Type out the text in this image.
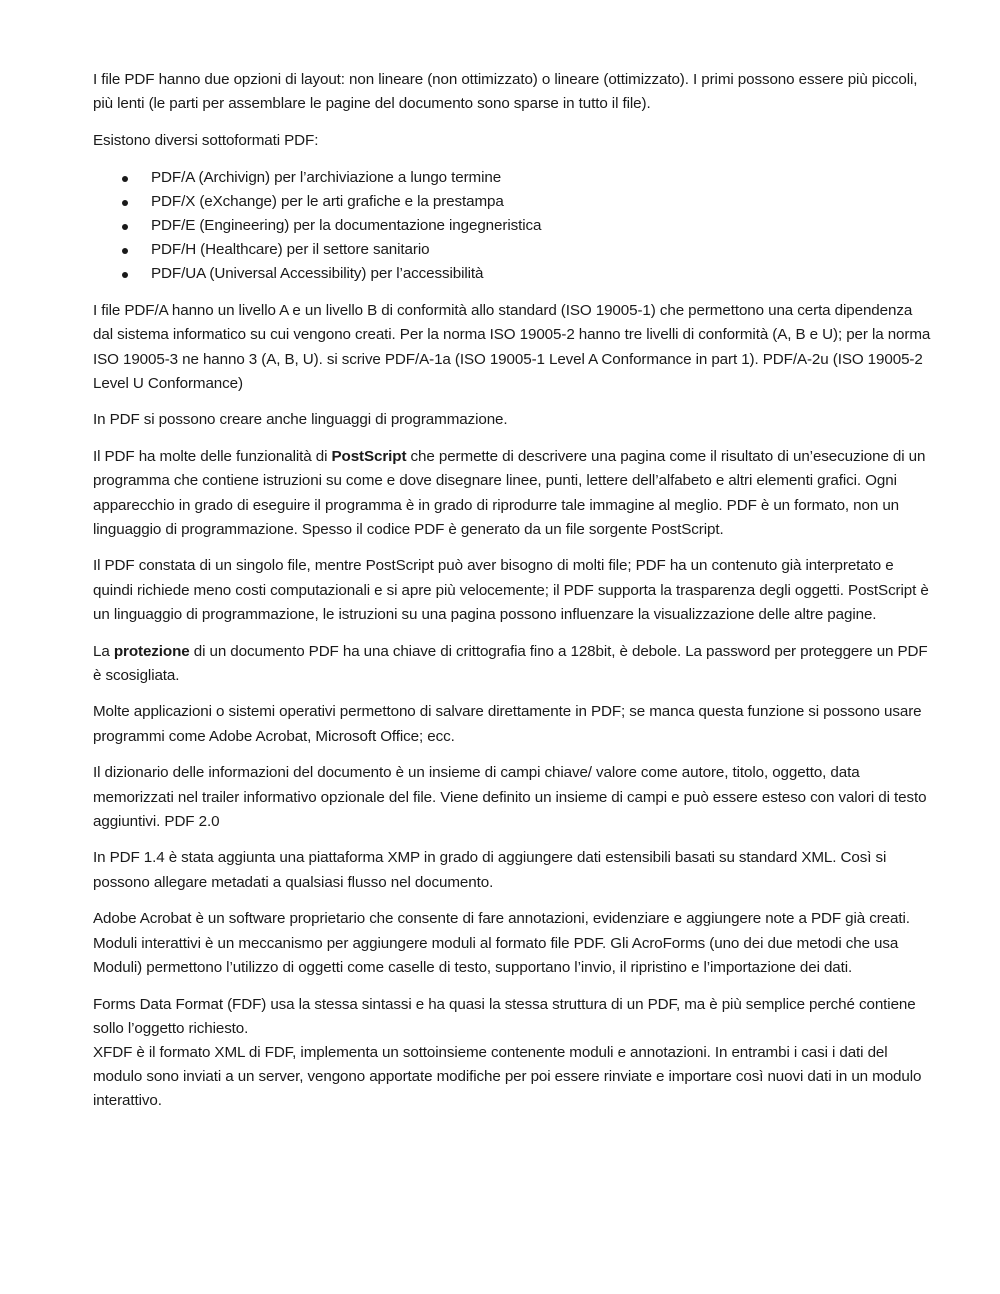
I file PDF hanno due opzioni di layout: non lineare (non ottimizzato) o lineare (ottimizzato). I primi possono essere più piccoli, più lenti (le parti per assemblare le pagine del documento sono sparse in tutto il file).

Esistono diversi sottoformati PDF:

PDF/A (Archivign) per l’archiviazione a lungo termine
PDF/X (eXchange) per le arti grafiche e la prestampa
PDF/E (Engineering) per la documentazione ingegneristica
PDF/H (Healthcare) per il settore sanitario
PDF/UA (Universal Accessibility) per l’accessibilità

I file PDF/A hanno un livello A e un livello B di conformità allo standard (ISO 19005-1) che permettono una certa dipendenza dal sistema informatico su cui vengono creati. Per la norma ISO 19005-2 hanno tre livelli di conformità (A, B e U); per la norma ISO 19005-3 ne hanno 3 (A, B, U). si scrive PDF/A-1a (ISO 19005-1 Level A Conformance in part 1). PDF/A-2u (ISO 19005-2 Level U Conformance)

In PDF si possono creare anche linguaggi di programmazione.

Il PDF ha molte delle funzionalità di PostScript che permette di descrivere una pagina come il risultato di un’esecuzione di un programma che contiene istruzioni su come e dove disegnare linee, punti, lettere dell’alfabeto e altri elementi grafici. Ogni apparecchio in grado di eseguire il programma è in grado di riprodurre tale immagine al meglio. PDF è un formato, non un linguaggio di programmazione. Spesso il codice PDF è generato da un file sorgente PostScript.

Il PDF constata di un singolo file, mentre PostScript può aver bisogno di molti file; PDF ha un contenuto già interpretato e quindi richiede meno costi computazionali e si apre più velocemente; il PDF supporta la trasparenza degli oggetti. PostScript è un linguaggio di programmazione, le istruzioni su una pagina possono influenzare la visualizzazione delle altre pagine.

La protezione di un documento PDF ha una chiave di crittografia fino a 128bit, è debole. La password per proteggere un PDF è scosigliata.

Molte applicazioni o sistemi operativi permettono di salvare direttamente in PDF; se manca questa funzione si possono usare programmi come Adobe Acrobat, Microsoft Office; ecc.

Il dizionario delle informazioni del documento è un insieme di campi chiave/ valore come autore, titolo, oggetto, data memorizzati nel trailer informativo opzionale del file. Viene definito un insieme di campi e può essere esteso con valori di testo aggiuntivi. PDF 2.0

In PDF 1.4 è stata aggiunta una piattaforma XMP in grado di aggiungere dati estensibili basati su standard XML. Così si possono allegare metadati a qualsiasi flusso nel documento.

Adobe Acrobat è un software proprietario che consente di fare annotazioni, evidenziare e aggiungere note a PDF già creati.
Moduli interattivi è un meccanismo per aggiungere moduli al formato file PDF. Gli AcroForms (uno dei due metodi che usa Moduli) permettono l’utilizzo di oggetti come caselle di testo, supportano l’invio, il ripristino e l’importazione dei dati.

Forms Data Format (FDF) usa la stessa sintassi e ha quasi la stessa struttura di un PDF, ma è più semplice perché contiene sollo l’oggetto richiesto.
XFDF è il formato XML di FDF, implementa un sottoinsieme contenente moduli e annotazioni. In entrambi i casi i dati del modulo sono inviati a un server, vengono apportate modifiche per poi essere rinviate e importare così nuovi dati in un modulo interattivo.
